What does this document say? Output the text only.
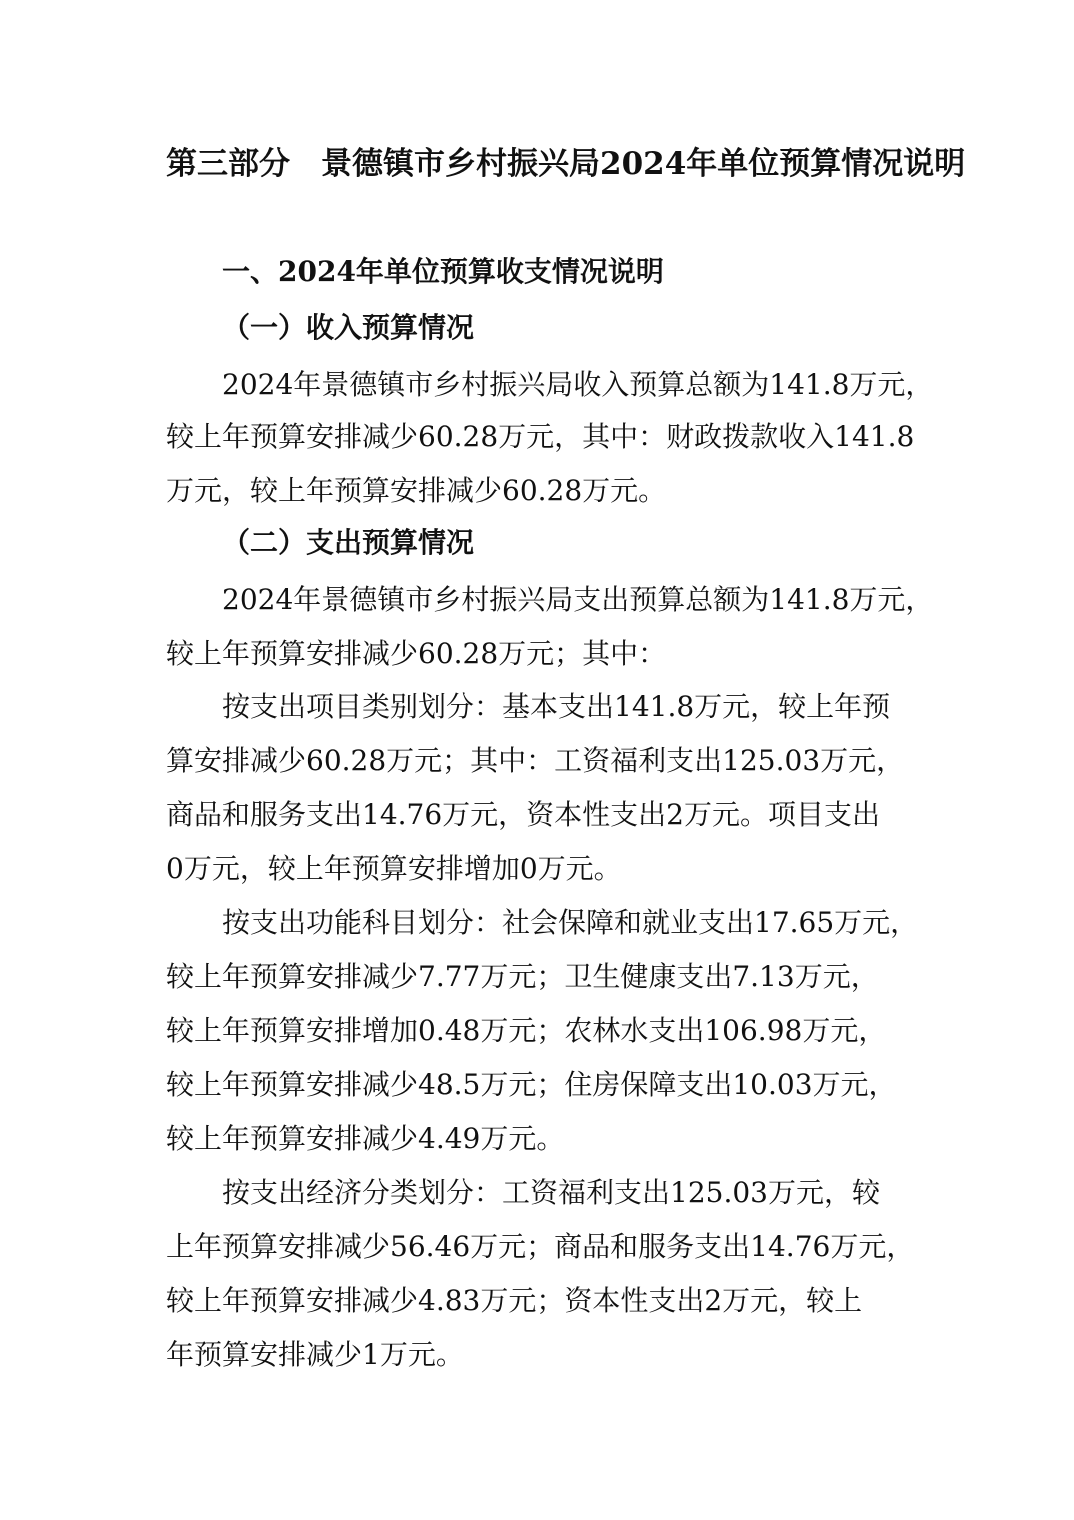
第三部分　景德镇市乡村振兴局2024年单位预算情况说明
一、2024年单位预算收支情况说明
（一）收入预算情况

2024年景德镇市乡村振兴局收入预算总额为141.8万元，

较上年预算安排减少60.28万元，其中：财政拨款收入141.8

万元，较上年预算安排减少60.28万元。

（二）支出预算情况

2024年景德镇市乡村振兴局支出预算总额为141.8万元，

较上年预算安排减少60.28万元；其中：

按支出项目类别划分：基本支出141.8万元，较上年预

算安排减少60.28万元；其中：工资福利支出125.03万元，

商品和服务支出14.76万元，资本性支出2万元。项目支出

0万元，较上年预算安排增加0万元。

按支出功能科目划分：社会保障和就业支出17.65万元，

较上年预算安排减少7.77万元；卫生健康支出7.13万元，

较上年预算安排增加0.48万元；农林水支出106.98万元，

较上年预算安排减少48.5万元；住房保障支出10.03万元，

较上年预算安排减少4.49万元。

按支出经济分类划分：工资福利支出125.03万元，较

上年预算安排减少56.46万元；商品和服务支出14.76万元，

较上年预算安排减少4.83万元；资本性支出2万元，较上

年预算安排减少1万元。
